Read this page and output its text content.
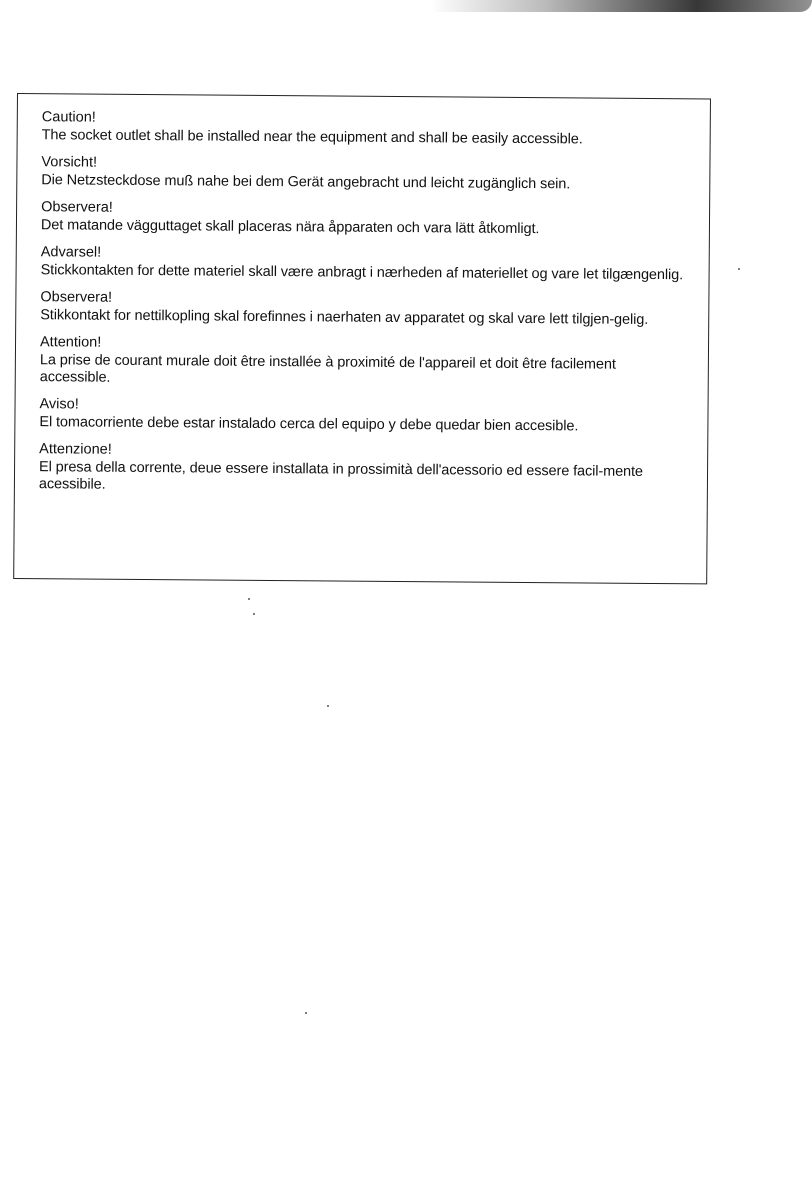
Caution!

The socket outlet shall be installed near the equipment and shall be easily accessible.

Vorsicht!

Die Netzsteckdose muß nahe bei dem Gerät angebracht und leicht zugänglich sein.

Observera!

Det matande vägguttaget skall placeras nära åpparaten och vara lätt åtkomligt.

Advarsel!

Stickkontakten for dette materiel skall være anbragt i nærheden af materiellet og vare let tilgængenlig.

Observera!

Stikkontakt for nettilkopling skal forefinnes i naerhaten av apparatet og skal vare lett tilgjen-gelig.

Attention!

La prise de courant murale doit être installée à proximité de l'appareil et doit être facilement accessible.

Aviso!

El tomacorriente debe estar instalado cerca del equipo y debe quedar bien accesible.

Attenzione!

El presa della corrente, deue essere installata in prossimità dell'acessorio ed essere facil-mente acessibile.
